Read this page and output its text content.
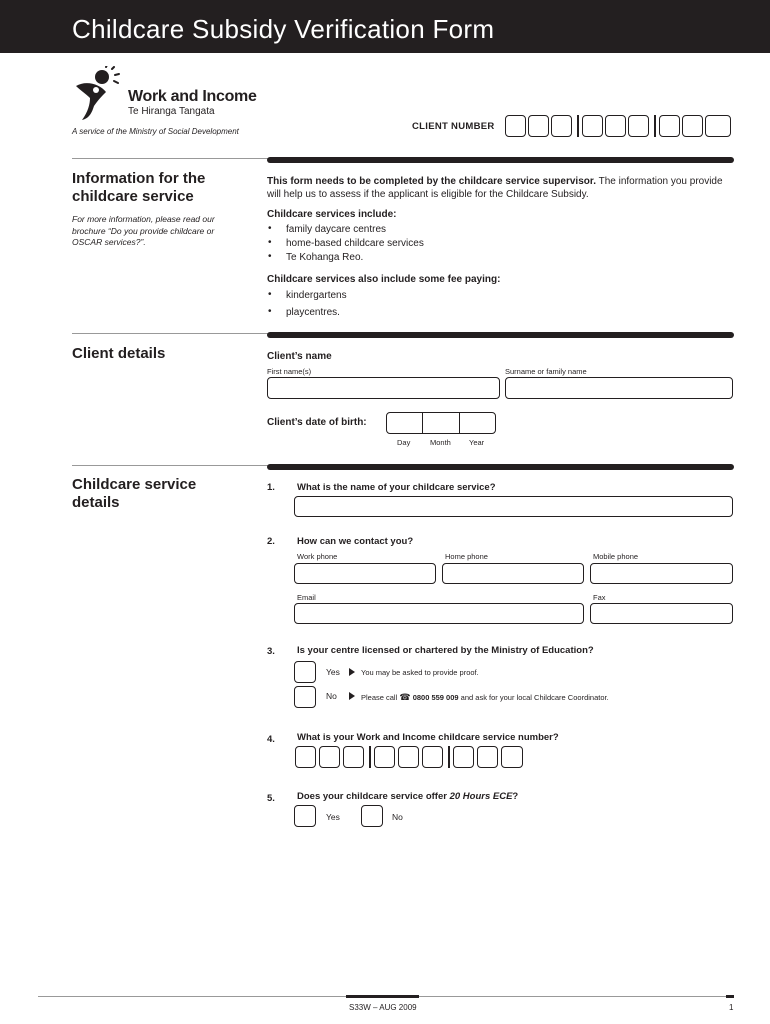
Childcare Subsidy Verification Form
Work and Income
Te Hiranga Tangata
A service of the Ministry of Social Development	CLIENT NUMBER
Information for the childcare service
For more information, please read our brochure “Do you provide childcare or OSCAR services?”.
This form needs to be completed by the childcare service supervisor. The information you provide will help us to assess if the applicant is eligible for the Childcare Subsidy.
Childcare services include:
• family daycare centres
• home-based childcare services
• Te Kohanga Reo.
Childcare services also include some fee paying:
• kindergartens
• playcentres.
Client details	Client’s name
First name(s)	Surname or family name
Client’s date of birth:
Day	Month Year
Childcare service details
1. What is the name of your childcare service?
2. How can we contact you?
Work phone	Home phone	Mobile phone
Email	Fax
3. Is your centre licensed or chartered by the Ministry of Education?
Yes	You may be asked to provide proof.
No	Please call ☎ 0800 559 009 and ask for your local Childcare Coordinator.
4. What is your Work and Income childcare service number?
5. Does your childcare service offer 20 Hours ECE?
Yes	No
S33W – AUG 2009	1
